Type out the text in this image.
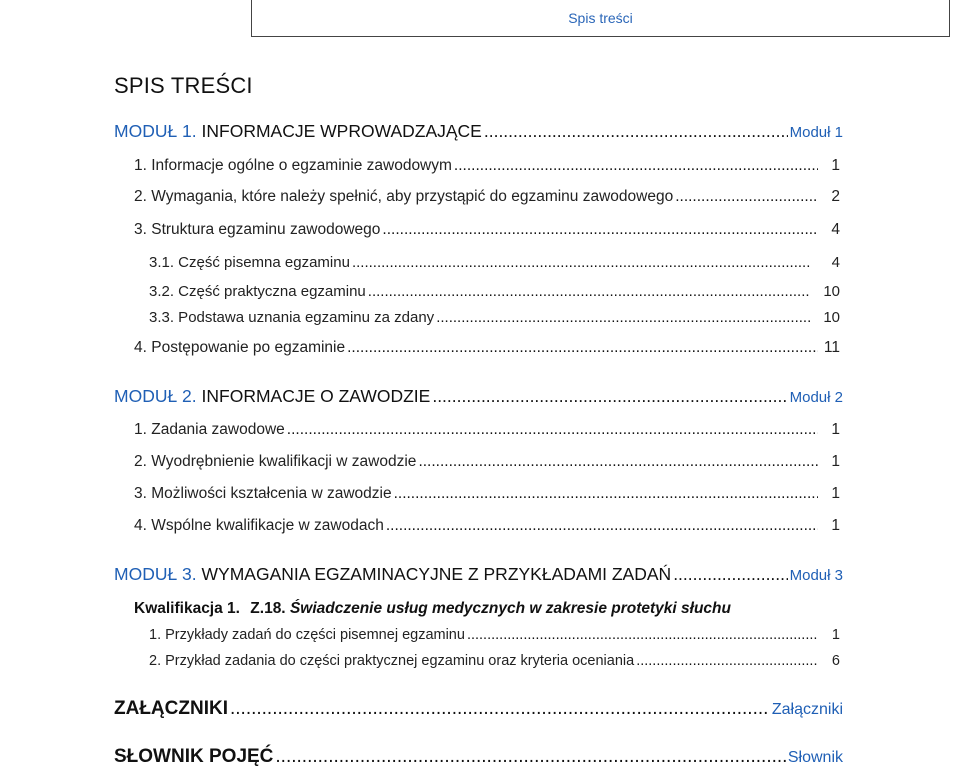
Spis treści
SPIS TREŚCI
MODUŁ 1. INFORMACJE WPROWADZAJĄCE .....	Moduł 1
1. Informacje ogólne o egzaminie zawodowym .....	1
2. Wymagania, które należy spełnić, aby przystąpić do egzaminu zawodowego .....	2
3. Struktura egzaminu zawodowego .....	4
3.1. Część pisemna egzaminu .....	4
3.2. Część praktyczna egzaminu .....	10
3.3. Podstawa uznania egzaminu za zdany .....	10
4. Postępowanie po egzaminie .....	11
MODUŁ 2. INFORMACJE O ZAWODZIE .....	Moduł 2
1. Zadania zawodowe .....	1
2. Wyodrębnienie kwalifikacji w zawodzie .....	1
3. Możliwości kształcenia w zawodzie .....	1
4. Wspólne kwalifikacje w zawodach .....	1
MODUŁ 3. WYMAGANIA EGZAMINACYJNE Z PRZYKŁADAMI ZADAŃ .....	Moduł 3
Kwalifikacja 1. Z.18. Świadczenie usług medycznych w zakresie protetyki słuchu
1. Przykłady zadań do części pisemnej egzaminu .....	1
2. Przykład zadania do części praktycznej egzaminu oraz kryteria oceniania .....	6
ZAŁĄCZNIKI .....	Załączniki
SŁOWNIK POJĘĆ .....	Słownik
